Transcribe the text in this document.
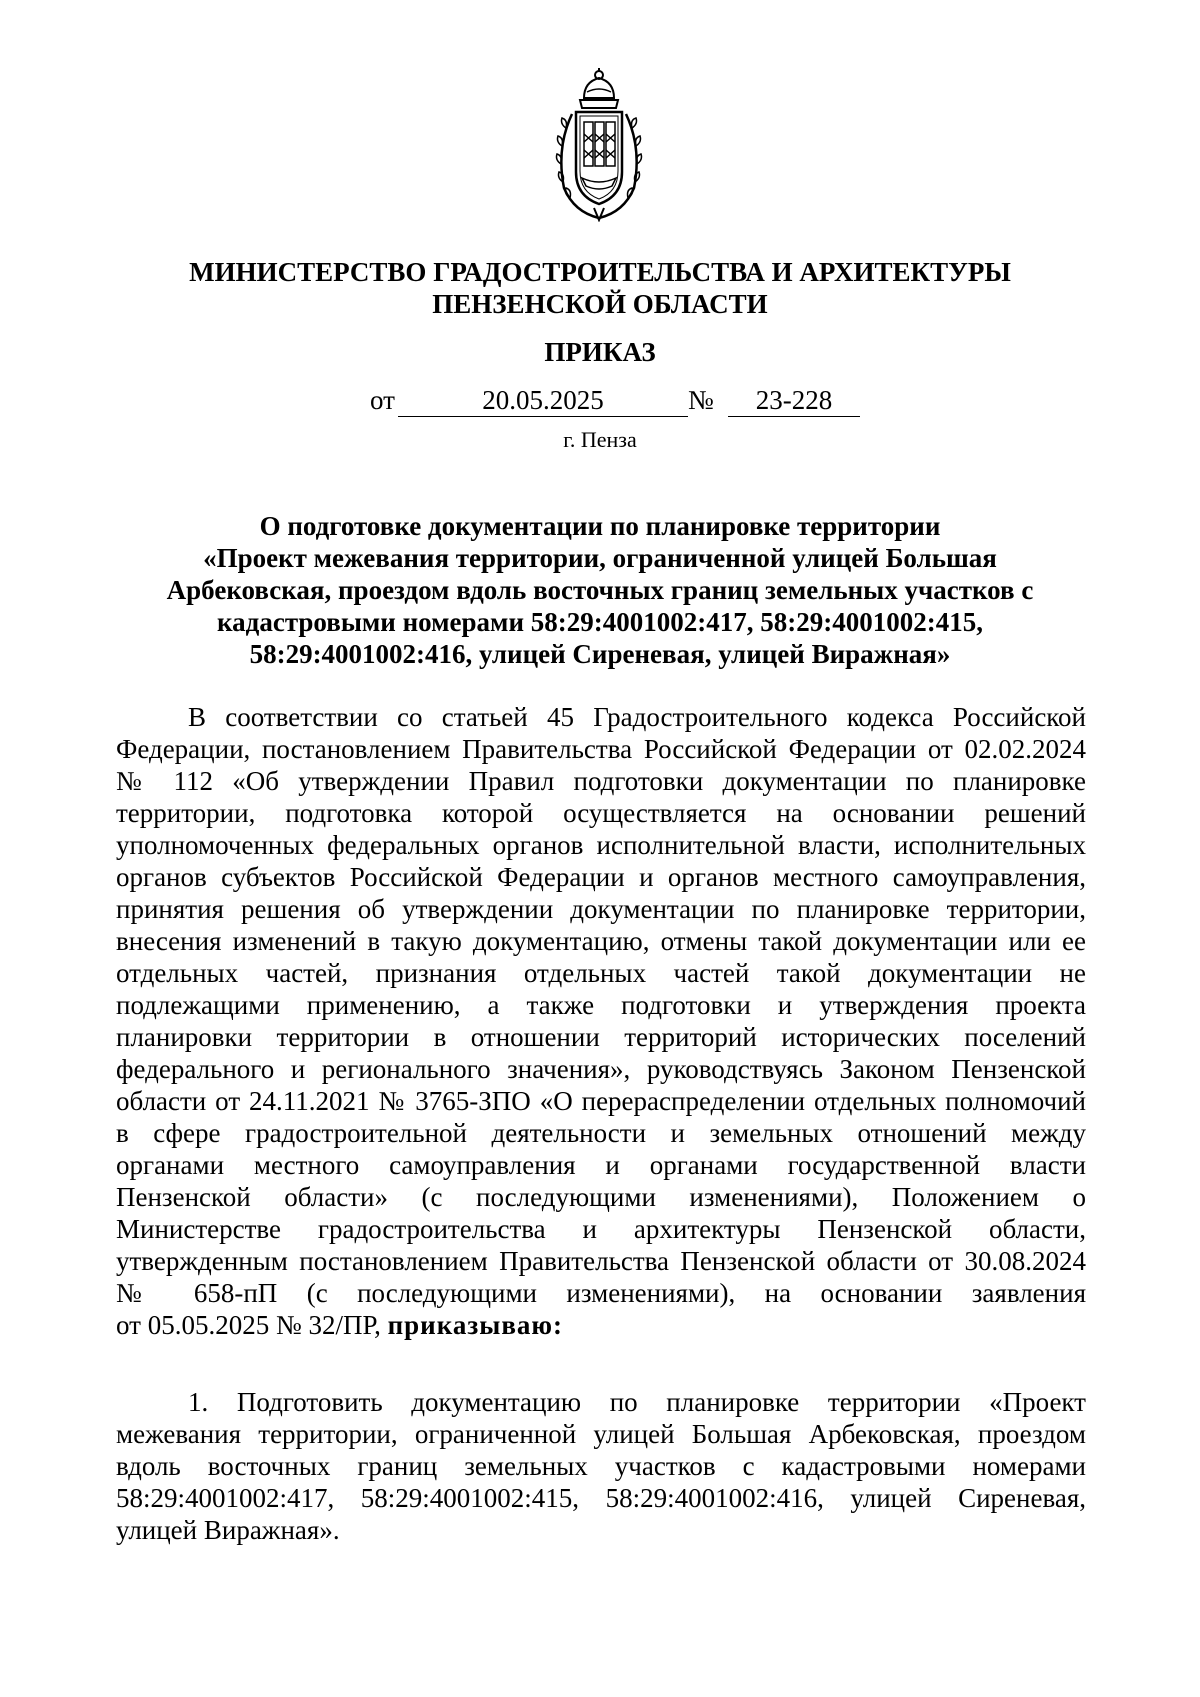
МИНИСТЕРСТВО ГРАДОСТРОИТЕЛЬСТВА И АРХИТЕКТУРЫ
ПЕНЗЕНСКОЙ ОБЛАСТИ
ПРИКАЗ
от	20.05.2025	№	23-228
г. Пенза
О подготовке документации по планировке территории
«Проект межевания территории, ограниченной улицей Большая
Арбековская, проездом вдоль восточных границ земельных участков с
кадастровыми номерами 58:29:4001002:417, 58:29:4001002:415,
58:29:4001002:416, улицей Сиреневая, улицей Виражная»
В соответствии со статьей 45 Градостроительного кодекса Российской
Федерации, постановлением Правительства Российской Федерации от 02.02.2024
№ 112 «Об утверждении Правил подготовки документации по планировке
территории, подготовка которой осуществляется на основании решений
уполномоченных федеральных органов исполнительной власти, исполнительных
органов субъектов Российской Федерации и органов местного самоуправления,
принятия решения об утверждении документации по планировке территории,
внесения изменений в такую документацию, отмены такой документации или ее
отдельных частей, признания отдельных частей такой документации не
подлежащими применению, а также подготовки и утверждения проекта
планировки территории в отношении территорий исторических поселений
федерального и регионального значения», руководствуясь Законом Пензенской
области от 24.11.2021 № 3765-ЗПО «О перераспределении отдельных полномочий
в сфере градостроительной деятельности и земельных отношений между
органами местного самоуправления и органами государственной власти
Пензенской области» (с последующими изменениями), Положением о
Министерстве градостроительства и архитектуры Пензенской области,
утвержденным постановлением Правительства Пензенской области от 30.08.2024
№ 658-пП (с последующими изменениями), на основании заявления
от 05.05.2025 № 32/ПР, приказываю:
1. Подготовить документацию по планировке территории «Проект
межевания территории, ограниченной улицей Большая Арбековская, проездом
вдоль восточных границ земельных участков с кадастровыми номерами
58:29:4001002:417, 58:29:4001002:415, 58:29:4001002:416, улицей Сиреневая,
улицей Виражная».
